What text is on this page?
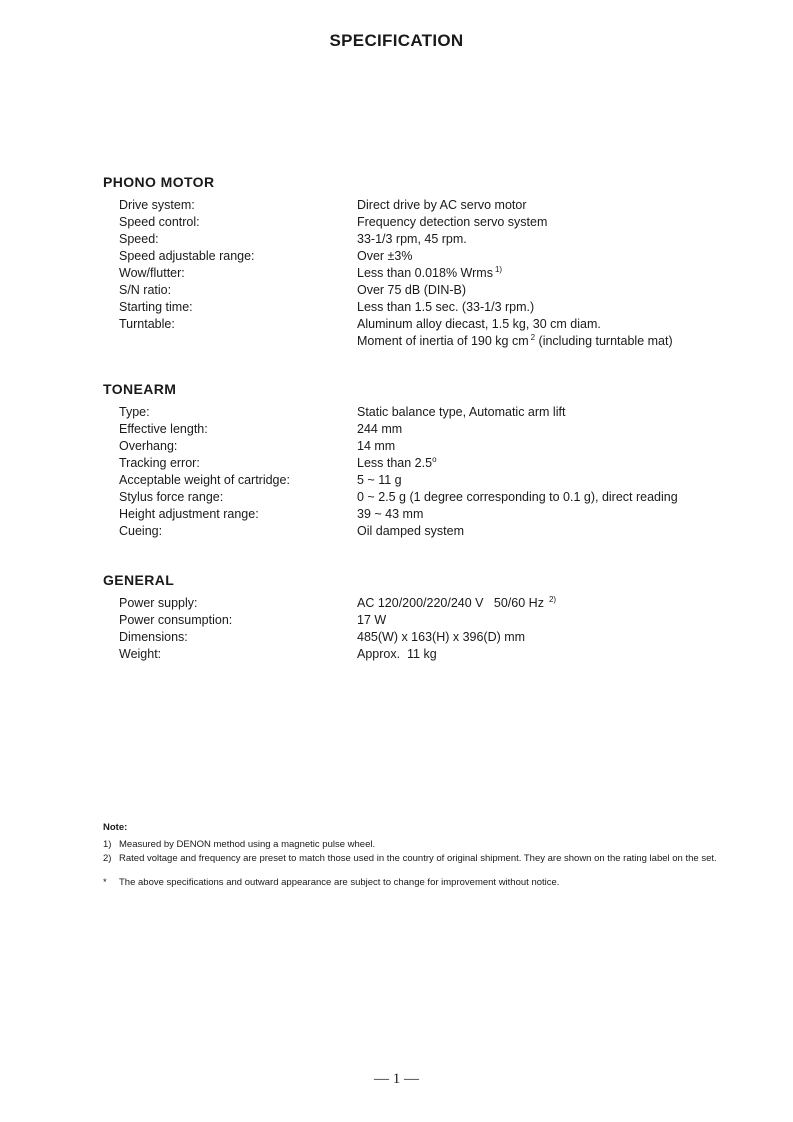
SPECIFICATION
PHONO MOTOR
Drive system:	Direct drive by AC servo motor
Speed control:	Frequency detection servo system
Speed:	33-1/3 rpm, 45 rpm.
Speed adjustable range:	Over ±3%
Wow/flutter:	Less than 0.018% Wrms $^{1)}$
S/N ratio:	Over 75 dB (DIN-B)
Starting time:	Less than 1.5 sec. (33-1/3 rpm.)
Turntable:	Aluminum alloy diecast, 1.5 kg, 30 cm diam.
Moment of inertia of 190 kg cm $^2$ (including turntable mat)
TONEARM
Type:	Static balance type, Automatic arm lift
Effective length:	244 mm
Overhang:	14 mm
Tracking error:	Less than 2.5$^o$
Acceptable weight of cartridge:	5 ~ 11 g
Stylus force range:	0 ~ 2.5 g (1 degree corresponding to 0.1 g), direct reading
Height adjustment range:	39 ~ 43 mm
Cueing:	Oil damped system
GENERAL
Power supply:	AC 120/200/220/240 V   50/60 Hz $^{2)}$
Power consumption:	17 W
Dimensions:	485(W) x 163(H) x 396(D) mm
Weight:	Approx.  11 kg
Note:
1) Measured by DENON method using a magnetic pulse wheel.
2) Rated voltage and frequency are preset to match those used in the country of original shipment. They are shown on the rating label on the set.
* The above specifications and outward appearance are subject to change for improvement without notice.
— 1 —
